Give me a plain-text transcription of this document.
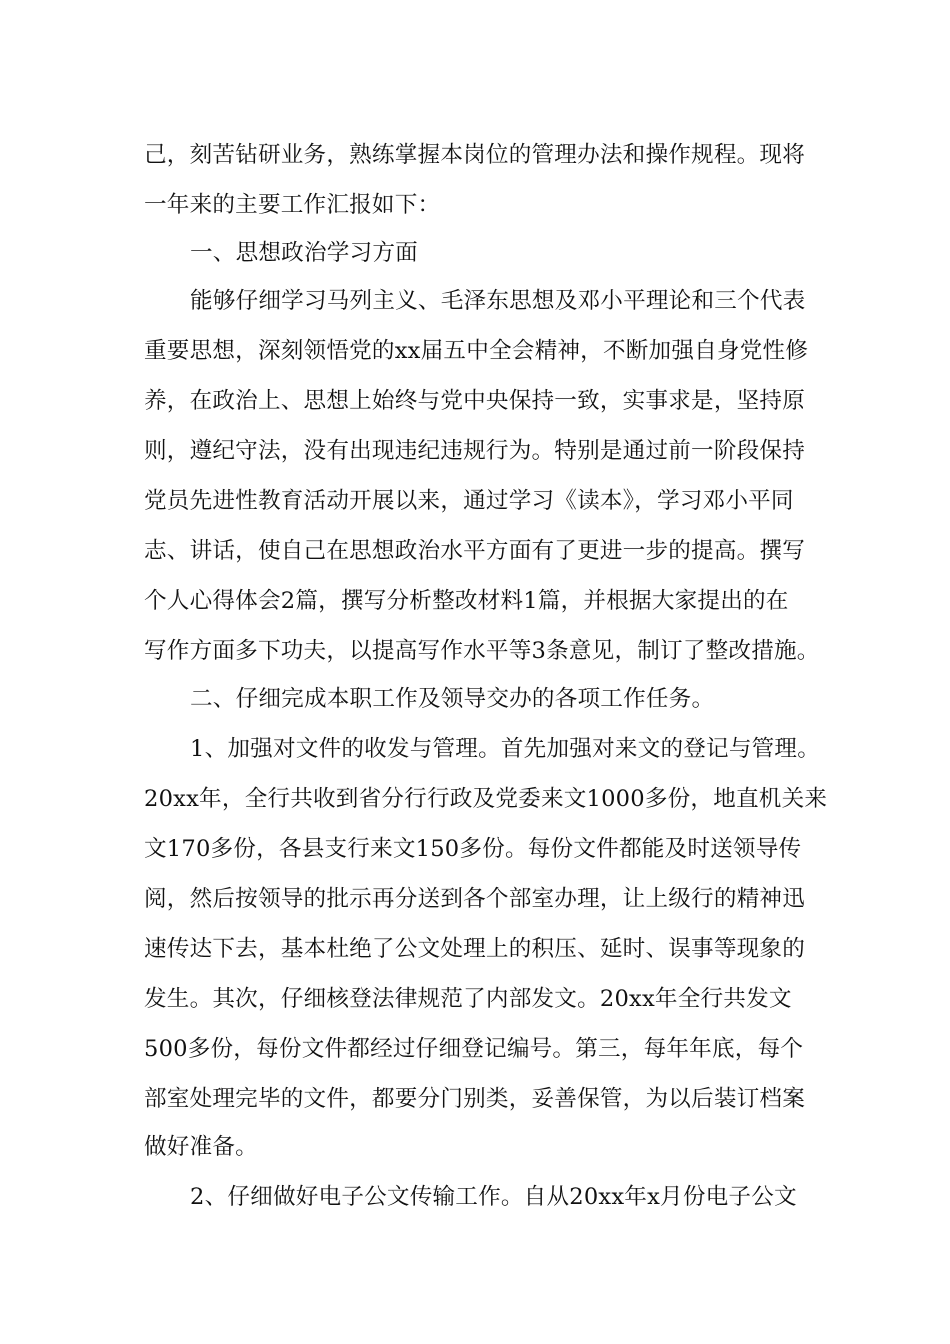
己，刻苦钻研业务，熟练掌握本岗位的管理办法和操作规程。现将
一年来的主要工作汇报如下：
一、思想政治学习方面
能够仔细学习马列主义、毛泽东思想及邓小平理论和三个代表
重要思想，深刻领悟党的xx届五中全会精神，不断加强自身党性修
养，在政治上、思想上始终与党中央保持一致，实事求是，坚持原
则，遵纪守法，没有出现违纪违规行为。特别是通过前一阶段保持
党员先进性教育活动开展以来，通过学习《读本》，学习邓小平同
志、讲话，使自己在思想政治水平方面有了更进一步的提高。撰写
个人心得体会2篇，撰写分析整改材料1篇，并根据大家提出的在
写作方面多下功夫，以提高写作水平等3条意见，制订了整改措施。
二、仔细完成本职工作及领导交办的各项工作任务。
1、加强对文件的收发与管理。首先加强对来文的登记与管理。
20xx年，全行共收到省分行行政及党委来文1000多份，地直机关来
文170多份，各县支行来文150多份。每份文件都能及时送领导传
阅，然后按领导的批示再分送到各个部室办理，让上级行的精神迅
速传达下去，基本杜绝了公文处理上的积压、延时、误事等现象的
发生。其次，仔细核登法律规范了内部发文。20xx年全行共发文
500多份，每份文件都经过仔细登记编号。第三，每年年底，每个
部室处理完毕的文件，都要分门别类，妥善保管，为以后装订档案
做好准备。
2、仔细做好电子公文传输工作。自从20xx年x月份电子公文
